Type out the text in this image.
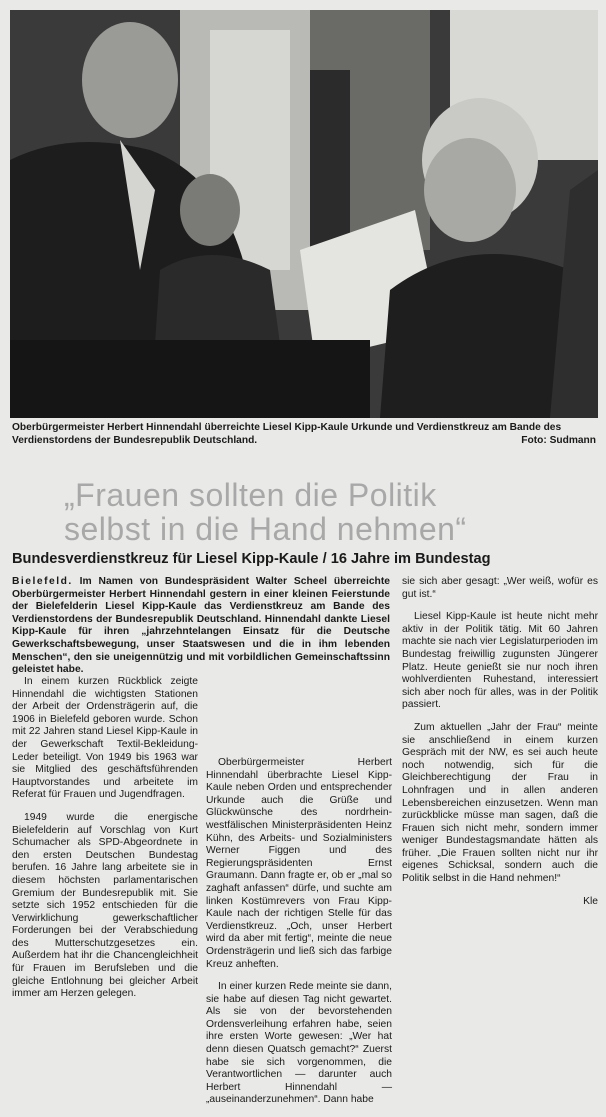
Oberbürgermeister Herbert Hinnendahl überreichte Liesel Kipp-Kaule Urkunde und Verdienstkreuz am Bande des Verdienstordens der Bundesrepublik Deutschland.	Foto: Sudmann
„Frauen sollten die Politik
selbst in die Hand nehmen“
Bundesverdienstkreuz für Liesel Kipp-Kaule / 16 Jahre im Bundestag
Bielefeld. Im Namen von Bundespräsident Walter Scheel überreichte Oberbürgermeister Herbert Hinnendahl gestern in einer kleinen Feierstunde der Bielefelderin Liesel Kipp-Kaule das Verdienstkreuz am Bande des Verdienstordens der Bundesrepublik Deutschland. Hinnendahl dankte Liesel Kipp-Kaule für ihren „jahrzehntelangen Einsatz für die Deutsche Gewerkschaftsbewegung, unser Staatswesen und die in ihm lebenden Menschen“, den sie uneigennützig und mit vorbildlichen Gemeinschaftssinn geleistet habe.

In einem kurzen Rückblick zeigte Hinnendahl die wichtigsten Stationen der Arbeit der Ordensträgerin auf, die 1906 in Bielefeld geboren wurde. Schon mit 22 Jahren stand Liesel Kipp-Kaule in der Gewerkschaft Textil-Bekleidung-Leder beteiligt. Von 1949 bis 1963 war sie Mitglied des geschäftsführenden Hauptvorstandes und arbeitete im Referat für Frauen und Jugendfragen.

1949 wurde die energische Bielefelderin auf Vorschlag von Kurt Schumacher als SPD-Abgeordnete in den ersten Deutschen Bundestag berufen. 16 Jahre lang arbeitete sie in diesem höchsten parlamentarischen Gremium der Bundesrepublik mit. Sie setzte sich 1952 entschieden für die Verwirklichung gewerkschaftlicher Forderungen bei der Verabschiedung des Mutterschutzgesetzes ein. Außerdem hat ihr die Chancengleichheit für Frauen im Berufsleben und die gleiche Entlohnung bei gleicher Arbeit immer am Herzen gelegen.

Oberbürgermeister Herbert Hinnendahl überbrachte Liesel Kipp-Kaule neben Orden und entsprechender Urkunde auch die Grüße und Glückwünsche des nordrhein-westfälischen Ministerpräsidenten Heinz Kühn, des Arbeits- und Sozialministers Werner Figgen und des Regierungspräsidenten Ernst Graumann. Dann fragte er, ob er „mal so zaghaft anfassen“ dürfe, und suchte am linken Kostümrevers von Frau Kipp-Kaule nach der richtigen Stelle für das Verdienstkreuz. „Och, unser Herbert wird da aber mit fertig“, meinte die neue Ordensträgerin und ließ sich das farbige Kreuz anheften.

In einer kurzen Rede meinte sie dann, sie habe auf diesen Tag nicht gewartet. Als sie von der bevorstehenden Ordensverleihung erfahren habe, seien ihre ersten Worte gewesen: „Wer hat denn diesen Quatsch gemacht?“ Zuerst habe sie sich vorgenommen, die Verantwortlichen — darunter auch Herbert Hinnendahl — „auseinanderzunehmen“. Dann habe

sie sich aber gesagt: „Wer weiß, wofür es gut ist.“

Liesel Kipp-Kaule ist heute nicht mehr aktiv in der Politik tätig. Mit 60 Jahren machte sie nach vier Legislaturperioden im Bundestag freiwillig zugunsten Jüngerer Platz. Heute genießt sie nur noch ihren wohlverdienten Ruhestand, interessiert sich aber noch für alles, was in der Politik passiert.

Zum aktuellen „Jahr der Frau“ meinte sie anschließend in einem kurzen Gespräch mit der NW, es sei auch heute noch notwendig, sich für die Gleichberechtigung der Frau in Lohnfragen und in allen anderen Lebensbereichen einzusetzen. Wenn man zurückblicke müsse man sagen, daß die Frauen sich nicht mehr, sondern immer weniger Bundestagsmandate hätten als früher. „Die Frauen sollten nicht nur ihr eigenes Schicksal, sondern auch die Politik selbst in die Hand nehmen!“

Kle
